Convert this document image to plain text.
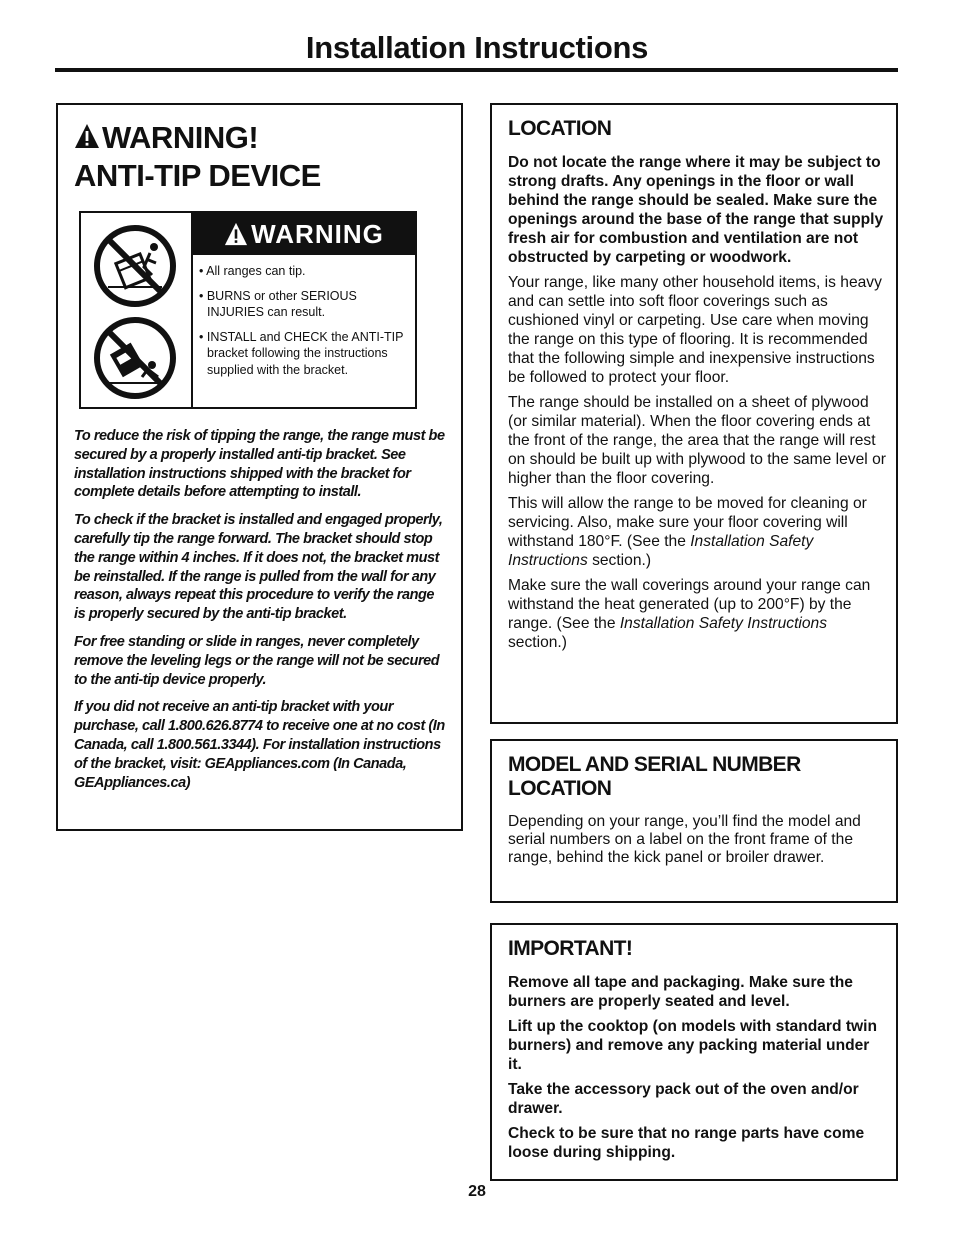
Installation Instructions
WARNING!
ANTI-TIP DEVICE
WARNING
• All ranges can tip.
• BURNS or other SERIOUS INJURIES can result.
• INSTALL and CHECK the ANTI-TIP bracket following the instructions supplied with the bracket.

To reduce the risk of tipping the range, the range must be secured by a properly installed anti-tip bracket. See installation instructions shipped with the bracket for complete details before attempting to install.

To check if the bracket is installed and engaged properly, carefully tip the range forward. The bracket should stop the range within 4 inches. If it does not, the bracket must be reinstalled. If the range is pulled from the wall for any reason, always repeat this procedure to verify the range is properly secured by the anti-tip bracket.

For free standing or slide in ranges, never completely remove the leveling legs or the range will not be secured to the anti-tip device properly.

If you did not receive an anti-tip bracket with your purchase, call 1.800.626.8774 to receive one at no cost (In Canada, call 1.800.561.3344). For installation instructions of the bracket, visit: GEAppliances.com (In Canada, GEAppliances.ca)

LOCATION

Do not locate the range where it may be subject to strong drafts. Any openings in the floor or wall behind the range should be sealed. Make sure the openings around the base of the range that supply fresh air for combustion and ventilation are not obstructed by carpeting or woodwork.

Your range, like many other household items, is heavy and can settle into soft floor coverings such as cushioned vinyl or carpeting. Use care when moving the range on this type of flooring. It is recommended that the following simple and inexpensive instructions be followed to protect your floor.

The range should be installed on a sheet of plywood (or similar material). When the floor covering ends at the front of the range, the area that the range will rest on should be built up with plywood to the same level or higher than the floor covering.

This will allow the range to be moved for cleaning or servicing. Also, make sure your floor covering will withstand 180°F. (See the Installation Safety Instructions section.)

Make sure the wall coverings around your range can withstand the heat generated (up to 200°F) by the range. (See the Installation Safety Instructions section.)

MODEL AND SERIAL NUMBER LOCATION

Depending on your range, you’ll find the model and serial numbers on a label on the front frame of the range, behind the kick panel or broiler drawer.

IMPORTANT!

Remove all tape and packaging. Make sure the burners are properly seated and level.

Lift up the cooktop (on models with standard twin burners) and remove any packing material under it.

Take the accessory pack out of the oven and/or drawer.

Check to be sure that no range parts have come loose during shipping.

28
